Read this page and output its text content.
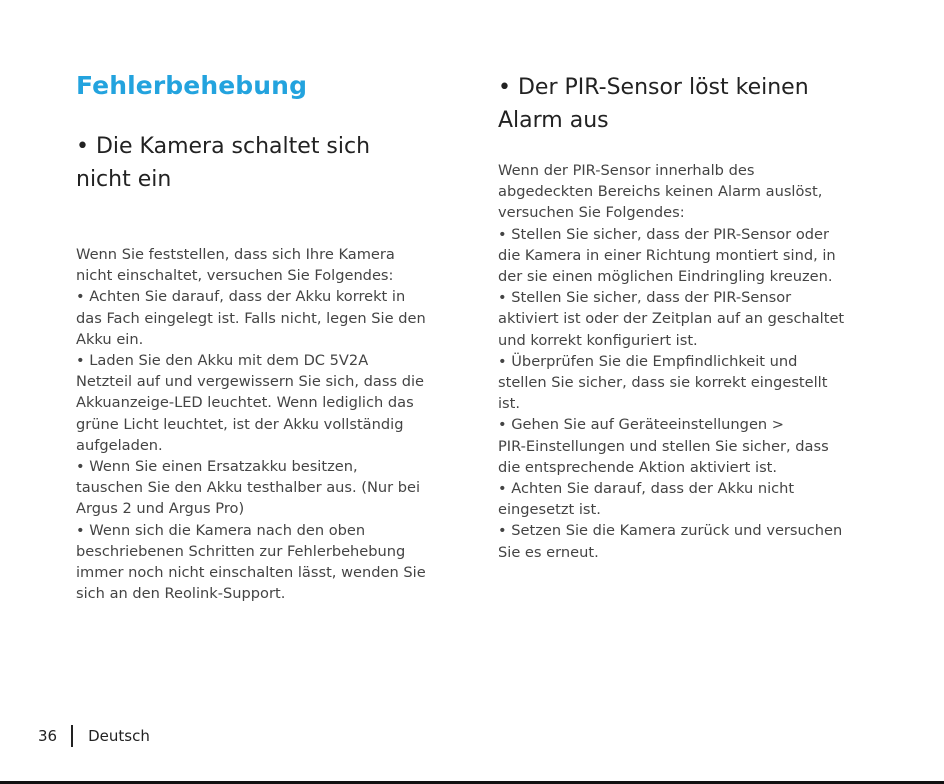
Fehlerbehebung
• Die Kamera schaltet sich
nicht ein

Wenn Sie feststellen, dass sich Ihre Kamera
nicht einschaltet, versuchen Sie Folgendes:

• Achten Sie darauf, dass der Akku korrekt in
das Fach eingelegt ist. Falls nicht, legen Sie den
Akku ein.

• Laden Sie den Akku mit dem DC 5V2A
Netzteil auf und vergewissern Sie sich, dass die
Akkuanzeige-LED leuchtet. Wenn lediglich das
grüne Licht leuchtet, ist der Akku vollständig
aufgeladen.

• Wenn Sie einen Ersatzakku besitzen,
tauschen Sie den Akku testhalber aus. (Nur bei
Argus 2 und Argus Pro)

• Wenn sich die Kamera nach den oben
beschriebenen Schritten zur Fehlerbehebung
immer noch nicht einschalten lässt, wenden Sie
sich an den Reolink-Support.

• Der PIR-Sensor löst keinen
Alarm aus

Wenn der PIR-Sensor innerhalb des
abgedeckten Bereichs keinen Alarm auslöst,
versuchen Sie Folgendes:

• Stellen Sie sicher, dass der PIR-Sensor oder
die Kamera in einer Richtung montiert sind, in
der sie einen möglichen Eindringling kreuzen.

• Stellen Sie sicher, dass der PIR-Sensor
aktiviert ist oder der Zeitplan auf an geschaltet
und korrekt konfiguriert ist.

• Überprüfen Sie die Empfindlichkeit und
stellen Sie sicher, dass sie korrekt eingestellt
ist.

• Gehen Sie auf Geräteeinstellungen >
PIR-Einstellungen und stellen Sie sicher, dass
die entsprechende Aktion aktiviert ist.

• Achten Sie darauf, dass der Akku nicht
eingesetzt ist.

• Setzen Sie die Kamera zurück und versuchen
Sie es erneut.

36 Deutsch
